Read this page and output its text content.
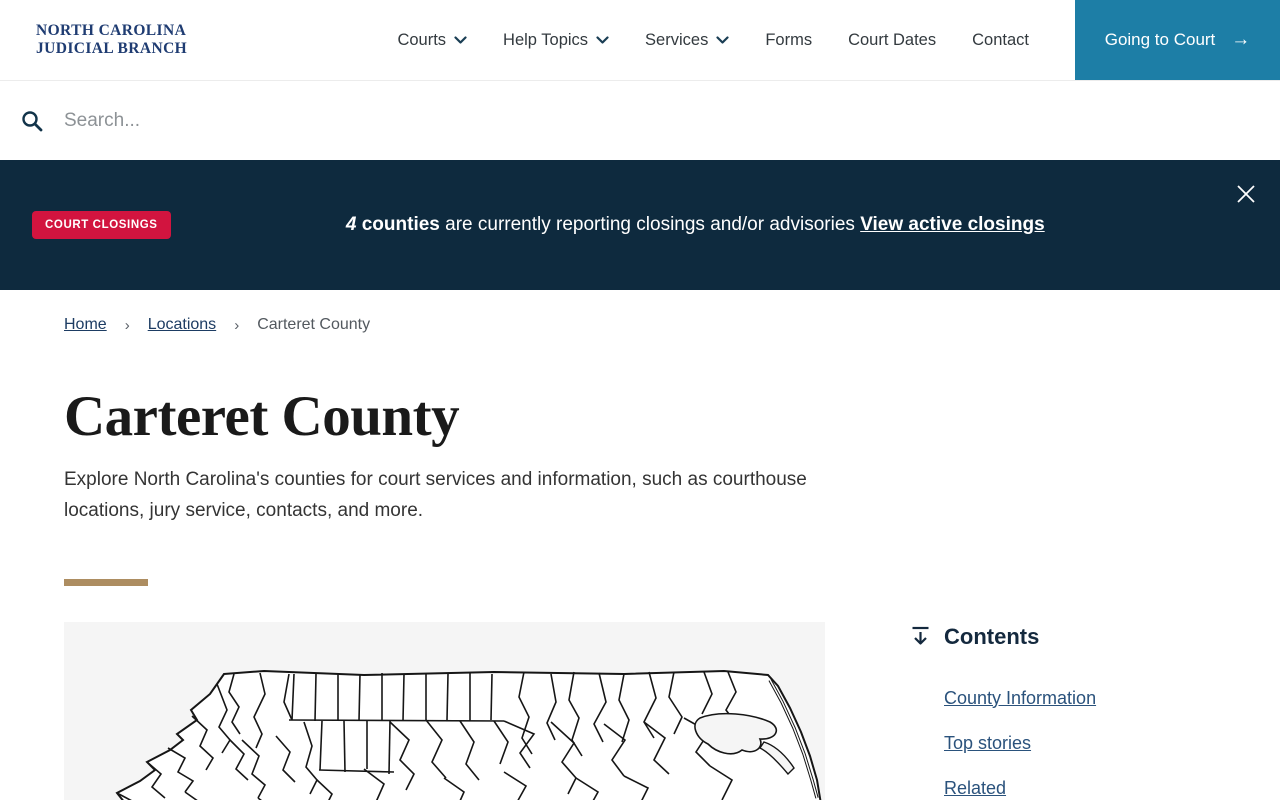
NORTH CAROLINA
JUDICIAL BRANCH	Courts	Help Topics	Services	Forms Court Dates Contact	Going to Court →
Search...
COURT CLOSINGS	4 counties are currently reporting closings and/or advisories View active closings
Home › Locations › Carteret County
Carteret County

Explore North Carolina's counties for court services and information, such as courthouse locations, jury service, contacts, and more.

Contents
County Information
Top stories
Related
